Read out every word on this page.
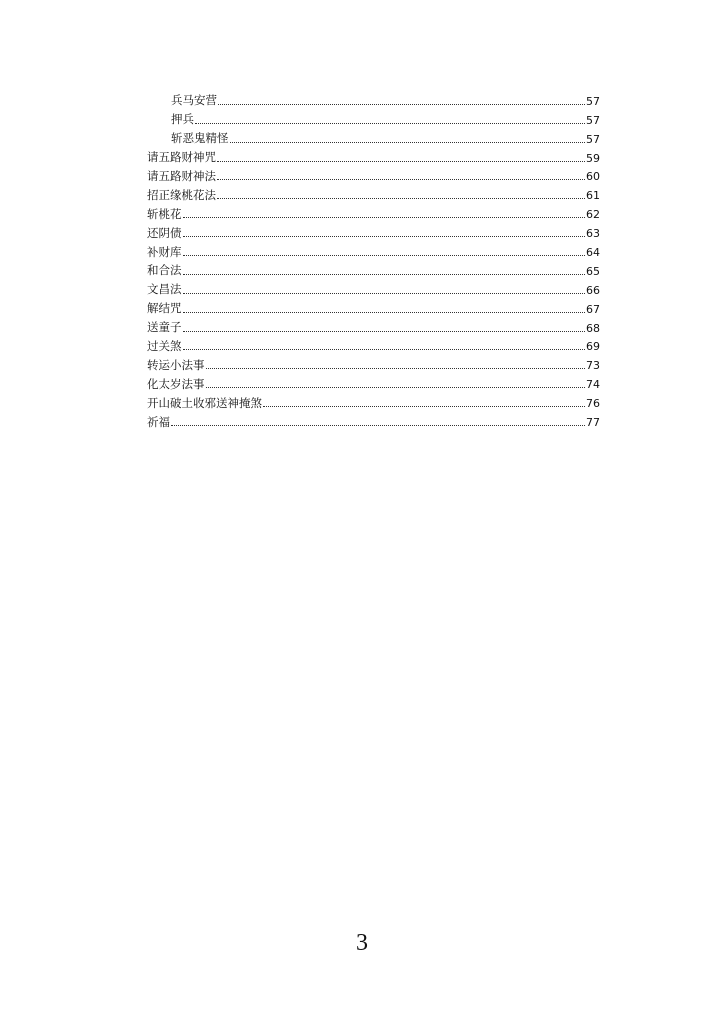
兵马安营	57
押兵	57
斩恶鬼精怪	57
请五路财神咒	59
请五路财神法	60
招正缘桃花法	61
斩桃花	62
还阴债	63
补财库	64
和合法	65
文昌法	66
解结咒	67
送童子	68
过关煞	69
转运小法事	73
化太岁法事	74
开山破土收邪送神掩煞	76
祈福	77
3
